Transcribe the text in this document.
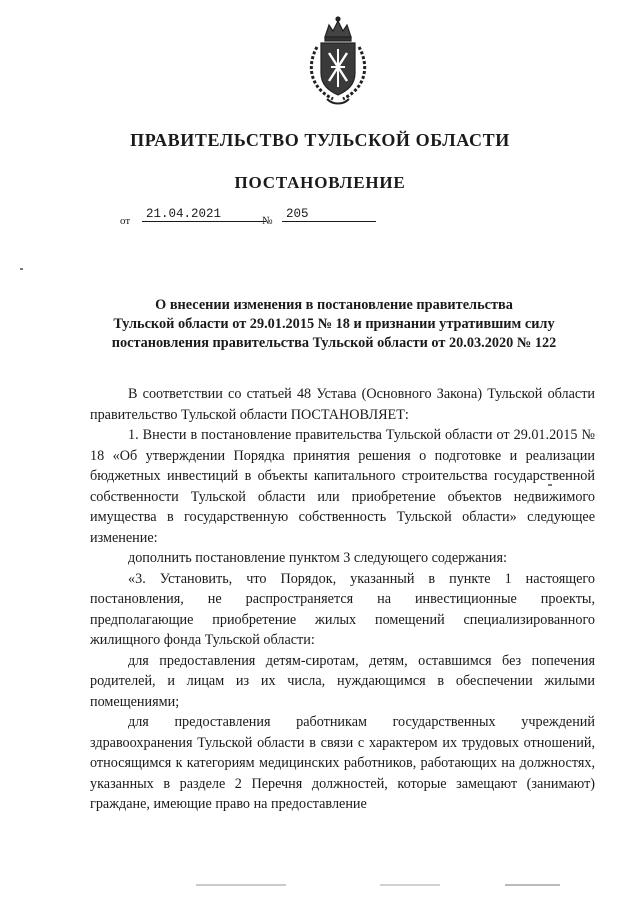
ПРАВИТЕЛЬСТВО ТУЛЬСКОЙ ОБЛАСТИ
ПОСТАНОВЛЕНИЕ
от	21.04.2021	№	205
О внесении изменения в постановление правительства
Тульской области от 29.01.2015 № 18 и признании утратившим силу
постановления правительства Тульской области от 20.03.2020 № 122

В соответствии со статьей 48 Устава (Основного Закона) Тульской области правительство Тульской области ПОСТАНОВЛЯЕТ:

1. Внести в постановление правительства Тульской области от 29.01.2015 № 18 «Об утверждении Порядка принятия решения о подготовке и реализации бюджетных инвестиций в объекты капитального строительства государственной собственности Тульской области или приобретение объектов недвижимого имущества в государственную собственность Тульской области» следующее изменение:

дополнить постановление пунктом 3 следующего содержания:

«3. Установить, что Порядок, указанный в пункте 1 настоящего постановления, не распространяется на инвестиционные проекты, предполагающие приобретение жилых помещений специализированного жилищного фонда Тульской области:

для предоставления детям-сиротам, детям, оставшимся без попечения родителей, и лицам из их числа, нуждающимся в обеспечении жилыми помещениями;

для предоставления работникам государственных учреждений здравоохранения Тульской области в связи с характером их трудовых отношений, относящимся к категориям медицинских работников, работающих на должностях, указанных в разделе 2 Перечня должностей, которые замещают (занимают) граждане, имеющие право на предоставление
